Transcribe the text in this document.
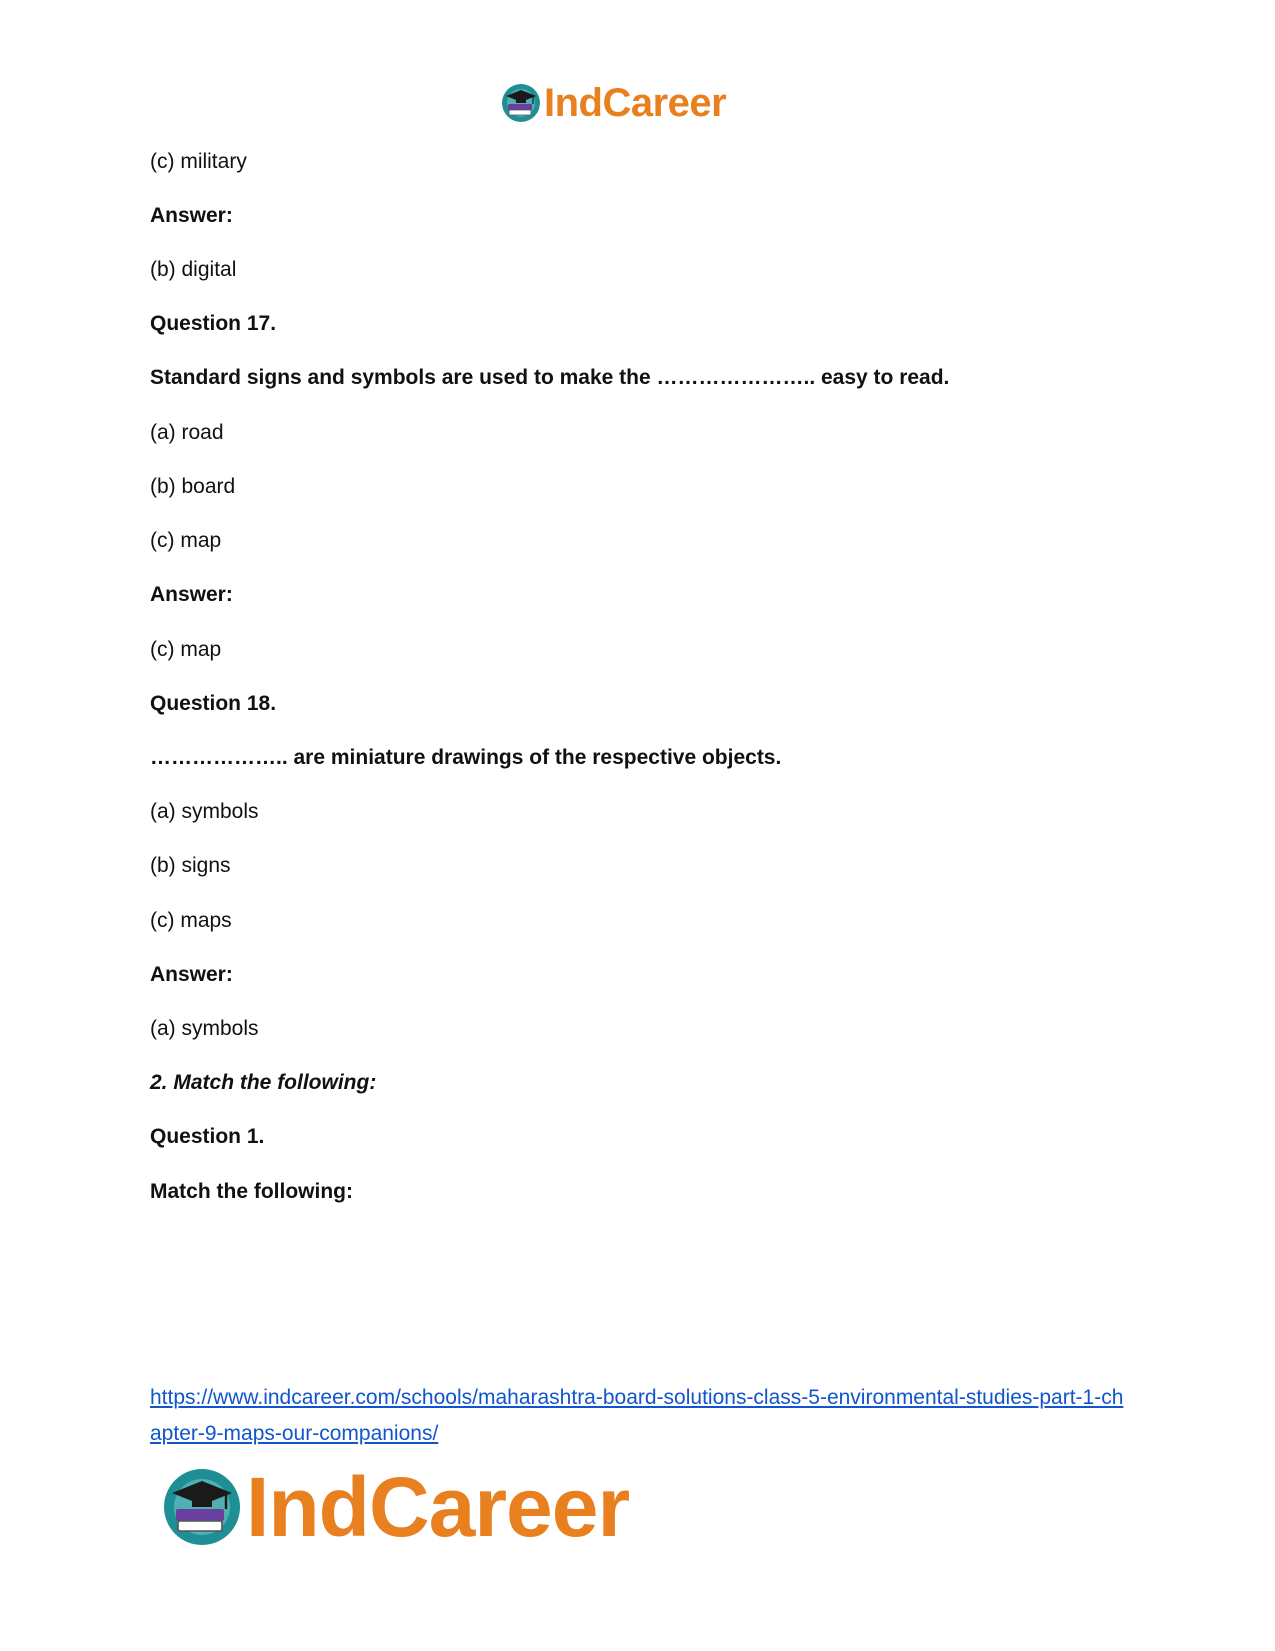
IndCareer
(c) military
Answer:
(b) digital
Question 17.
Standard signs and symbols are used to make the ………………….. easy to read.
(a) road
(b) board
(c) map
Answer:
(c) map
Question 18.
……………….. are miniature drawings of the respective objects.
(a) symbols
(b) signs
(c) maps
Answer:
(a) symbols
2. Match the following:
Question 1.
Match the following:
https://www.indcareer.com/schools/maharashtra-board-solutions-class-5-environmental-studies-part-1-chapter-9-maps-our-companions/
IndCareer
